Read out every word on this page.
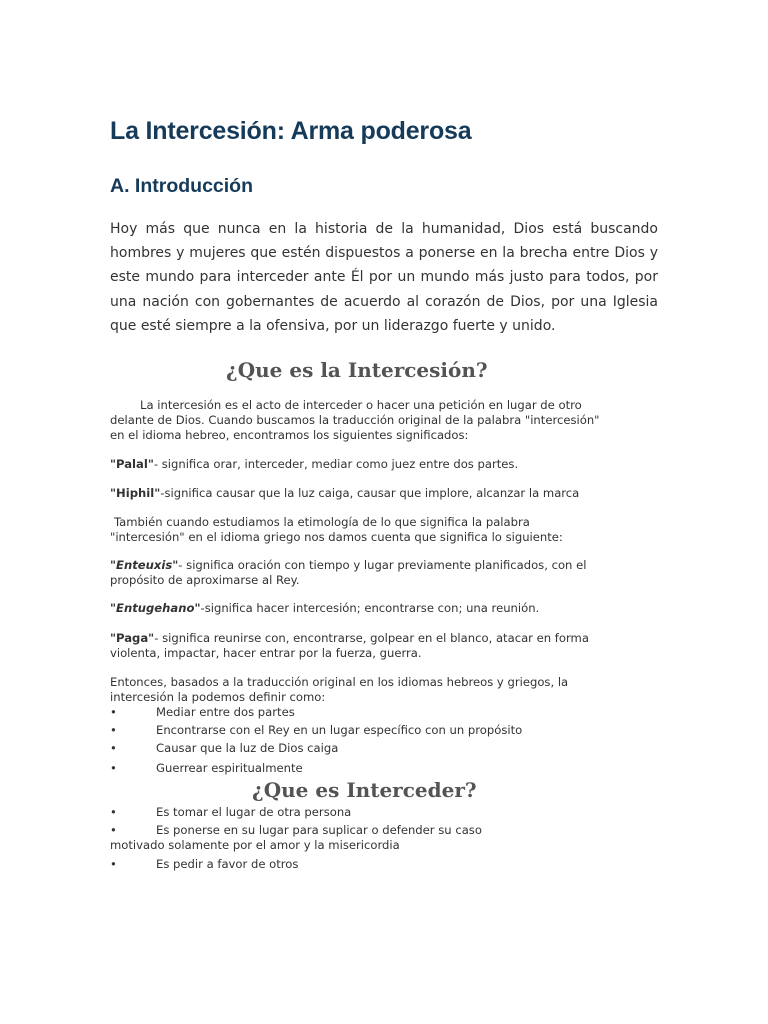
La Intercesión: Arma poderosa
A. Introducción

Hoy más que nunca en la historia de la humanidad, Dios está buscando hombres y mujeres que estén dispuestos a ponerse en la brecha entre Dios y este mundo para interceder ante Él por un mundo más justo para todos, por una nación con gobernantes de acuerdo al corazón de Dios, por una Iglesia que esté siempre a la ofensiva, por un liderazgo fuerte y unido.

¿Que es la Intercesión?
La intercesión es el acto de interceder o hacer una petición en lugar de otro
delante de Dios. Cuando buscamos la traducción original de la palabra "intercesión"
en el idioma hebreo, encontramos los siguientes significados:
"Palal"- significa orar, interceder, mediar como juez entre dos partes.
"Hiphil"-significa causar que la luz caiga, causar que implore, alcanzar la marca
También cuando estudiamos la etimología de lo que significa la palabra
"intercesión" en el idioma griego nos damos cuenta que significa lo siguiente:
"Enteuxis"- significa oración con tiempo y lugar previamente planificados, con el
propósito de aproximarse al Rey.
"Entugehano"-significa hacer intercesión; encontrarse con; una reunión.
"Paga"- significa reunirse con, encontrarse, golpear en el blanco, atacar en forma
violenta, impactar, hacer entrar por la fuerza, guerra.
Entonces, basados a la traducción original en los idiomas hebreos y griegos, la
intercesión la podemos definir como:
•	Mediar entre dos partes
•	Encontrarse con el Rey en un lugar específico con un propósito
•	Causar que la luz de Dios caiga
•	Guerrear espiritualmente
¿Que es Interceder?
•	Es tomar el lugar de otra persona
•	Es ponerse en su lugar para suplicar o defender su caso
motivado solamente por el amor y la misericordia
•	Es pedir a favor de otros
